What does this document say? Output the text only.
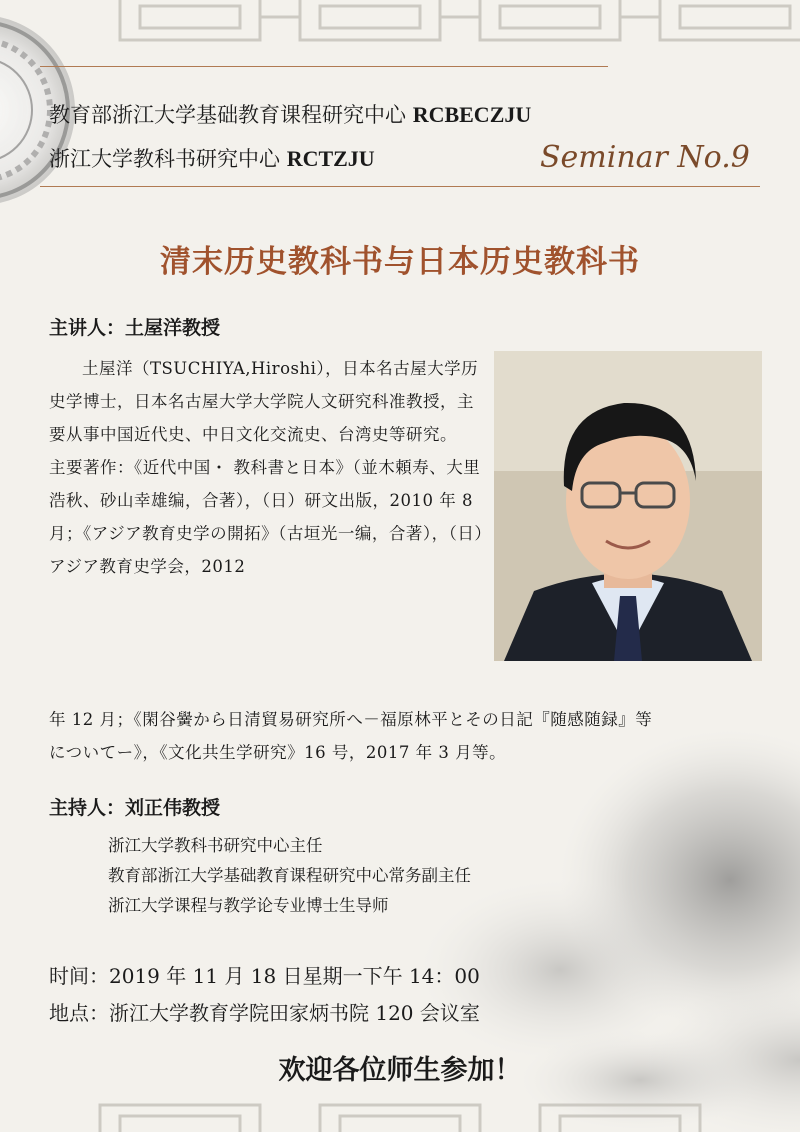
教育部浙江大学基础教育课程研究中心 RCBECZJU
浙江大学教科书研究中心 RCTZJU	Seminar No.9
清末历史教科书与日本历史教科书
主讲人：土屋洋教授

土屋洋（TSUCHIYA,Hiroshi），日本名古屋大学历史学博士，日本名古屋大学大学院人文研究科准教授，主要从事中国近代史、中日文化交流史、台湾史等研究。

主要著作：《近代中国・ 教科書と日本》（並木頼寿、大里浩秋、砂山幸雄编，合著），（日）研文出版，2010 年 8 月；《アジア教育史学の開拓》（古垣光一编，合著），（日）アジア教育史学会，2012

年 12 月；《閑谷黌から日清貿易研究所へ－福原林平とその日記『随感随録』等

についてー》，《文化共生学研究》16 号，2017 年 3 月等。

主持人：刘正伟教授
浙江大学教科书研究中心主任
教育部浙江大学基础教育课程研究中心常务副主任
浙江大学课程与教学论专业博士生导师
时间：2019 年 11 月 18 日星期一下午 14：00
地点：浙江大学教育学院田家炳书院 120 会议室
欢迎各位师生参加！
